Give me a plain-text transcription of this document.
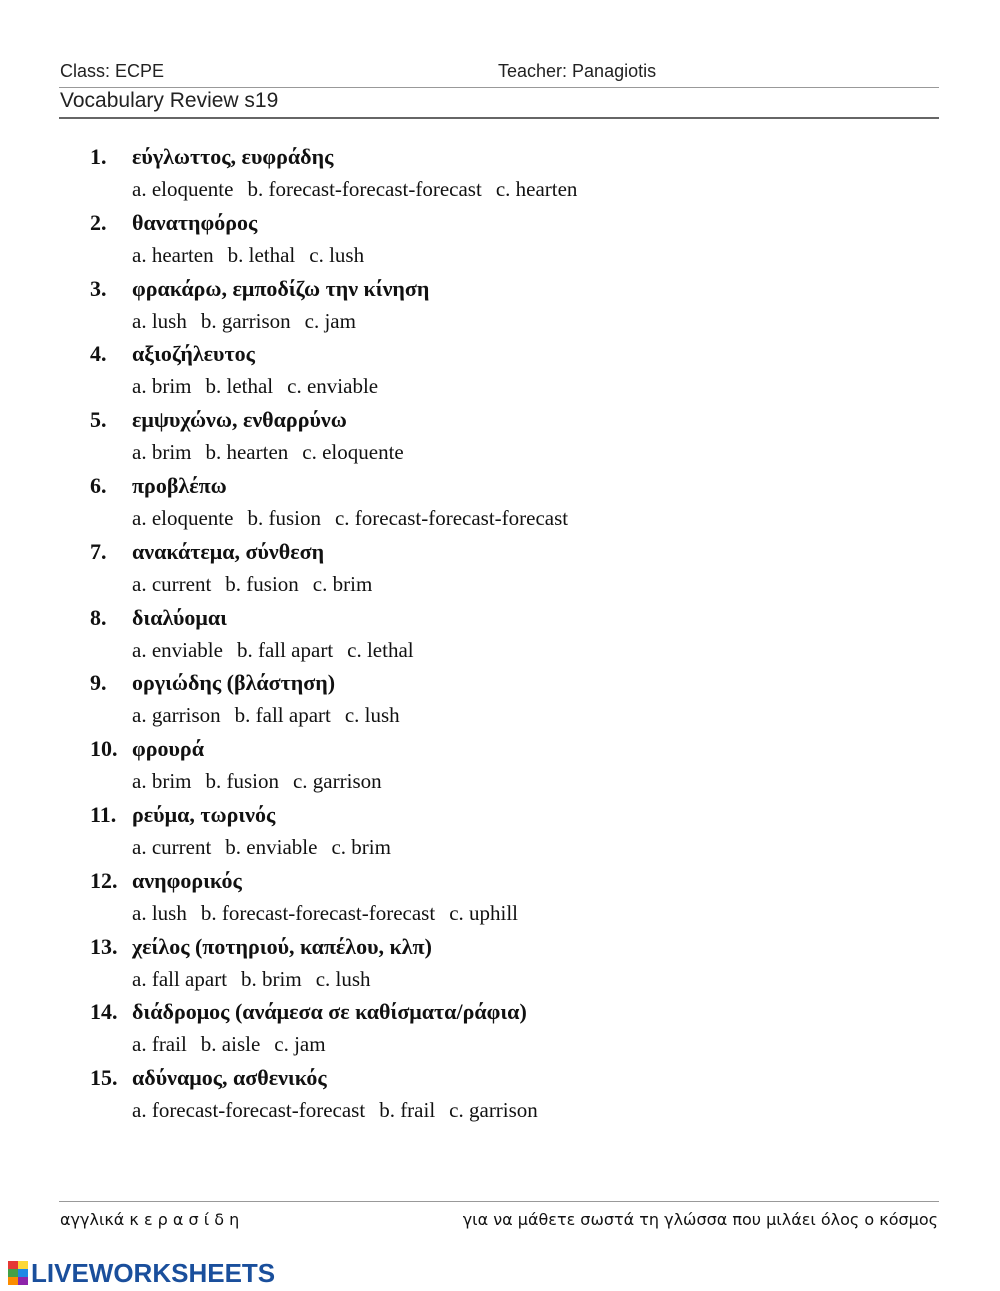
Class: ECPE	Teacher: Panagiotis
Vocabulary Review s19
1.	εύγλωττος, ευφράδης
a. eloquente b. forecast-forecast-forecast c. hearten
2.	θανατηφόρος
a. hearten b. lethal c. lush
3.	φρακάρω, εμποδίζω την κίνηση
a. lush b. garrison c. jam
4.	αξιοζήλευτος
a. brim b. lethal c. enviable
5.	εμψυχώνω, ενθαρρύνω
a. brim b. hearten c. eloquente
6.	προβλέπω
a. eloquente b. fusion c. forecast-forecast-forecast
7.	ανακάτεμα, σύνθεση
a. current b. fusion c. brim
8.	διαλύομαι
a. enviable b. fall apart c. lethal
9.	οργιώδης (βλάστηση)
a. garrison b. fall apart c. lush
10. φρουρά
a. brim b. fusion c. garrison
11. ρεύμα, τωρινός
a. current b. enviable c. brim
12. ανηφορικός
a. lush b. forecast-forecast-forecast c. uphill
13. χείλος (ποτηριού, καπέλου, κλπ)
a. fall apart b. brim c. lush
14. διάδρομος (ανάμεσα σε καθίσματα/ράφια)
a. frail b. aisle c. jam
15. αδύναμος, ασθενικός
a. forecast-forecast-forecast b. frail c. garrison
αγγλικά κ ε ρ α σ ί δ η	για να μάθετε σωστά τη γλώσσα που μιλάει όλος ο κόσμος
LIVEWORKSHEETS
